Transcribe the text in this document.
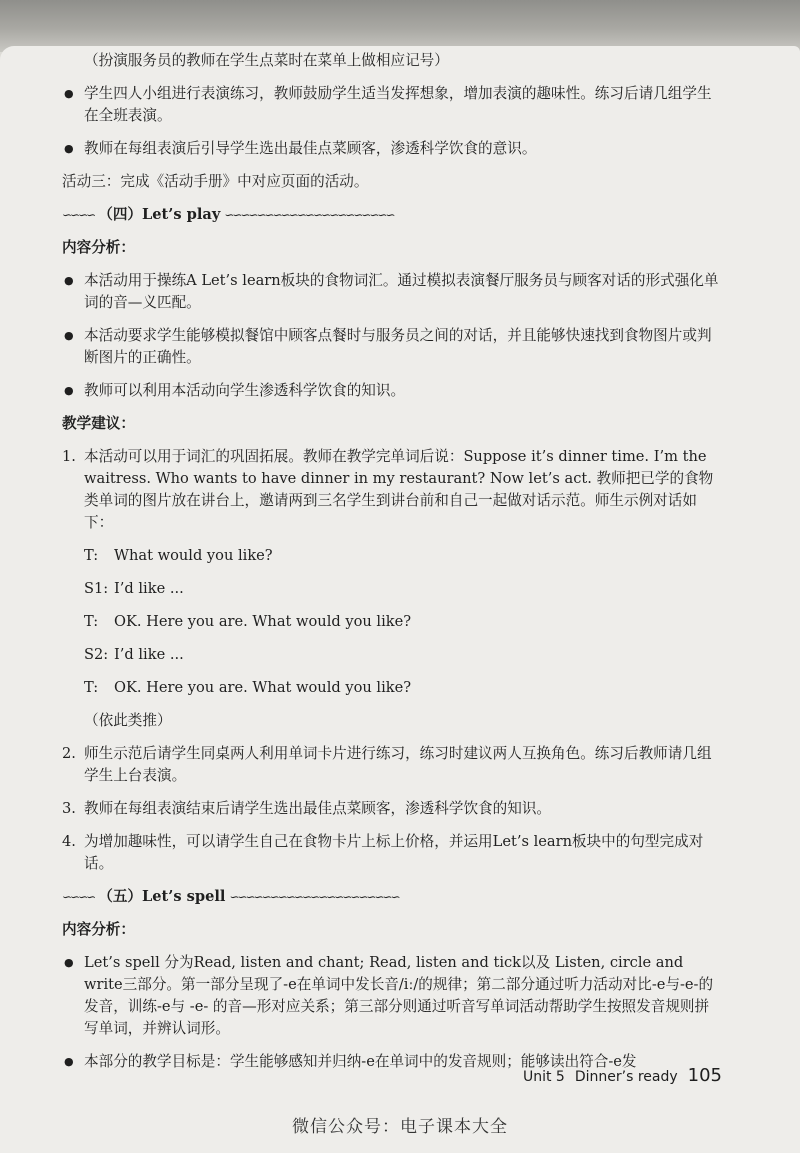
（扮演服务员的教师在学生点菜时在菜单上做相应记号）
● 学生四人小组进行表演练习，教师鼓励学生适当发挥想象，增加表演的趣味性。练习后请几组学生在全班表演。
● 教师在每组表演后引导学生选出最佳点菜顾客，渗透科学饮食的意识。
活动三：完成《活动手册》中对应页面的活动。
∽∽∽∽ （四）Let’s play ∽∽∽∽∽∽∽∽∽∽∽∽∽∽∽∽∽∽∽∽∽
内容分析：
● 本活动用于操练A Let’s learn板块的食物词汇。通过模拟表演餐厅服务员与顾客对话的形式强化单词的音—义匹配。
● 本活动要求学生能够模拟餐馆中顾客点餐时与服务员之间的对话，并且能够快速找到食物图片或判断图片的正确性。
● 教师可以利用本活动向学生渗透科学饮食的知识。
教学建议：
1. 本活动可以用于词汇的巩固拓展。教师在教学完单词后说：Suppose it’s dinner time. I’m the waitress. Who wants to have dinner in my restaurant? Now let’s act. 教师把已学的食物类单词的图片放在讲台上，邀请两到三名学生到讲台前和自己一起做对话示范。师生示例对话如下：
T:	What would you like?
S1: I’d like ...
T:	OK. Here you are. What would you like?
S2: I’d like ...
T:	OK. Here you are. What would you like?
（依此类推）
2. 师生示范后请学生同桌两人利用单词卡片进行练习，练习时建议两人互换角色。练习后教师请几组学生上台表演。
3. 教师在每组表演结束后请学生选出最佳点菜顾客，渗透科学饮食的知识。
4. 为增加趣味性，可以请学生自己在食物卡片上标上价格，并运用Let’s learn板块中的句型完成对话。
∽∽∽∽ （五）Let’s spell ∽∽∽∽∽∽∽∽∽∽∽∽∽∽∽∽∽∽∽∽∽
内容分析：
● Let’s spell 分为Read, listen and chant; Read, listen and tick以及 Listen, circle and write三部分。第一部分呈现了-e在单词中发长音/iː/的规律；第二部分通过听力活动对比-e与-e-的发音，训练-e与 -e- 的音—形对应关系；第三部分则通过听音写单词活动帮助学生按照发音规则拼写单词，并辨认词形。
● 本部分的教学目标是：学生能够感知并归纳-e在单词中的发音规则；能够读出符合-e发
Unit 5 Dinner’s ready 105
微信公众号：电子课本大全
